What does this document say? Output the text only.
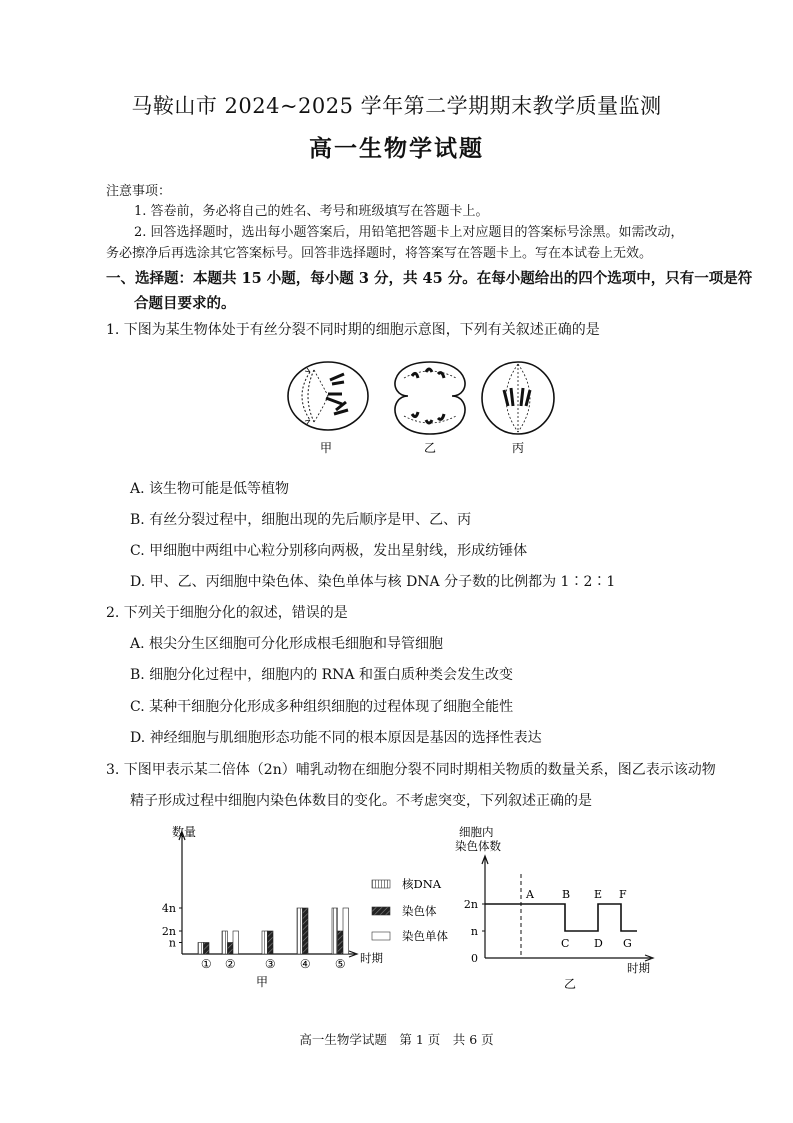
马鞍山市 2024~2025 学年第二学期期末教学质量监测
高一生物学试题
注意事项：
1. 答卷前，务必将自己的姓名、考号和班级填写在答题卡上。
2. 回答选择题时，选出每小题答案后，用铅笔把答题卡上对应题目的答案标号涂黑。如需改动，
务必擦净后再选涂其它答案标号。回答非选择题时，将答案写在答题卡上。写在本试卷上无效。
一、选择题：本题共 15 小题，每小题 3 分，共 45 分。在每小题给出的四个选项中，只有一项是符
合题目要求的。
1. 下图为某生物体处于有丝分裂不同时期的细胞示意图，下列有关叙述正确的是
甲	乙	丙
A. 该生物可能是低等植物
B. 有丝分裂过程中，细胞出现的先后顺序是甲、乙、丙
C. 甲细胞中两组中心粒分别移向两极，发出星射线，形成纺锤体
D. 甲、乙、丙细胞中染色体、染色单体与核 DNA 分子数的比例都为 1∶2∶1
2. 下列关于细胞分化的叙述，错误的是
A. 根尖分生区细胞可分化形成根毛细胞和导管细胞
B. 细胞分化过程中，细胞内的 RNA 和蛋白质种类会发生改变
C. 某种干细胞分化形成多种组织细胞的过程体现了细胞全能性
D. 神经细胞与肌细胞形态功能不同的根本原因是基因的选择性表达
3. 下图甲表示某二倍体（2n）哺乳动物在细胞分裂不同时期相关物质的数量关系，图乙表示该动物
精子形成过程中细胞内染色体数目的变化。不考虑突变，下列叙述正确的是
n
2n
4n
① ② ③ ④ ⑤
数量
时期
甲
核DNA
染色体
染色单体
细胞内
染色体数
0
n
2n
A	B
C D
E F
G
时期
乙
高一生物学试题　第 1 页　共 6 页
